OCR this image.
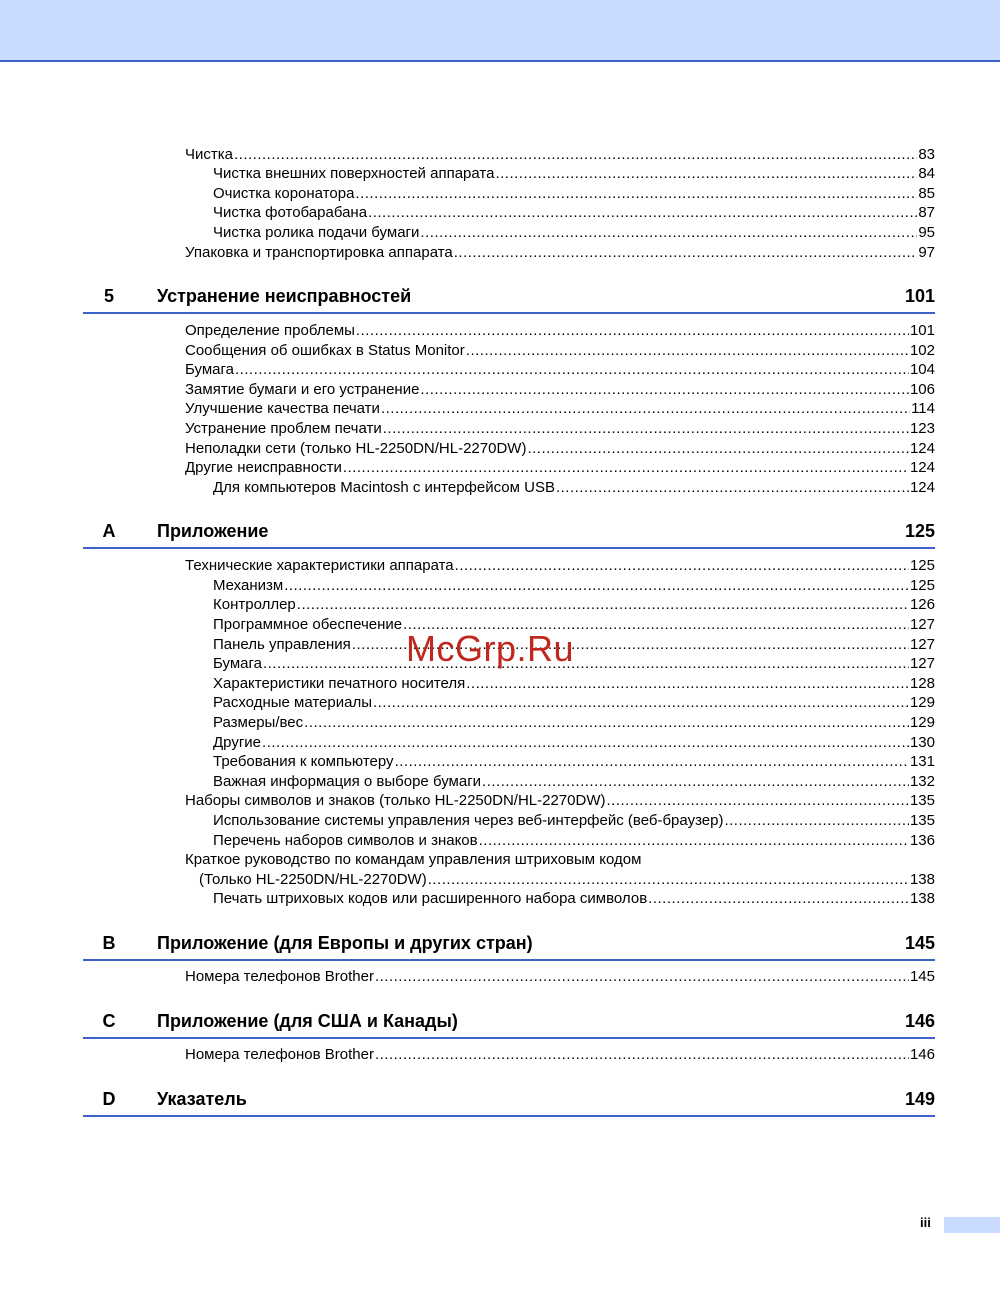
Чистка .....	83
Чистка внешних поверхностей аппарата .....	84
Очистка коронатора .....	85
Чистка фотобарабана .....	87
Чистка ролика подачи бумаги .....	95
Упаковка и транспортировка аппарата .....	97
5	Устранение неисправностей	101
Определение проблемы .....	101
Сообщения об ошибках в Status Monitor .....	102
Бумага .....	104
Замятие бумаги и его устранение .....	106
Улучшение качества печати .....	114
Устранение проблем печати .....	123
Неполадки сети (только HL-2250DN/HL-2270DW) .....	124
Другие неисправности .....	124
Для компьютеров Macintosh с интерфейсом USB .....	124
A	Приложение	125
Технические характеристики аппарата .....	125
Механизм .....	125
Контроллер .....	126
Программное обеспечение .....	127
Панель управления .....	127
Бумага .....	127
Характеристики печатного носителя .....	128
Расходные материалы .....	129
Размеры/вес .....	129
Другие .....	130
Требования к компьютеру .....	131
Важная информация о выборе бумаги .....	132
Наборы символов и знаков (только HL-2250DN/HL-2270DW) .....	135
Использование системы управления через веб-интерфейс (веб-браузер) .....	135
Перечень наборов символов и знаков .....	136
Краткое руководство по командам управления штриховым кодом
(Только HL-2250DN/HL-2270DW) .....	138
Печать штриховых кодов или расширенного набора символов .....	138
B	Приложение (для Европы и других стран)	145
Номера телефонов Brother .....	145
C	Приложение (для США и Канады)	146
Номера телефонов Brother .....	146
D	Указатель	149
McGrp.Ru
iii
